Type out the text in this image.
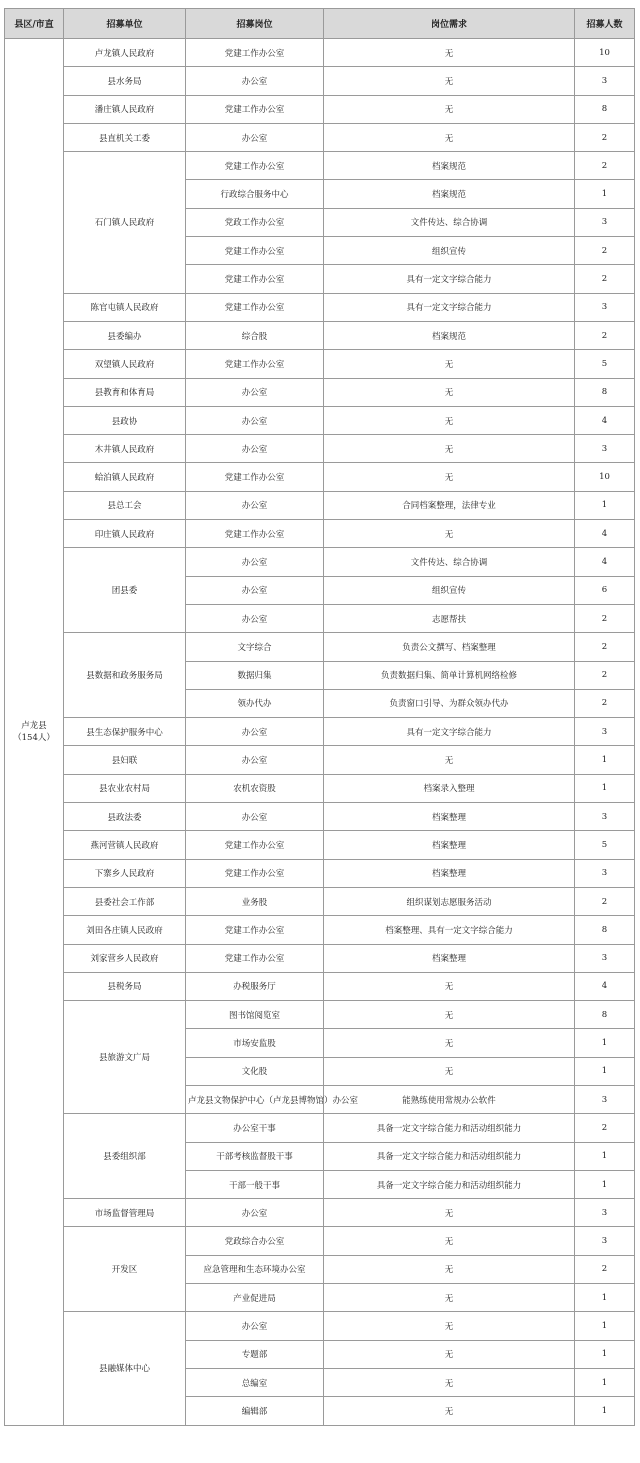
县区/市直	招募单位	招募岗位	岗位需求	招募人数

卢龙县
（154人）	卢龙镇人民政府	党建工作办公室	无	10
	县水务局	办公室	无	3
	潘庄镇人民政府	党建工作办公室	无	8
	县直机关工委	办公室	无	2
	石门镇人民政府	党建工作办公室	档案规范	2
		行政综合服务中心	档案规范	1
		党政工作办公室	文件传达、综合协调	3
		党建工作办公室	组织宣传	2
		党建工作办公室	具有一定文字综合能力	2
	陈官屯镇人民政府	党建工作办公室	具有一定文字综合能力	3
	县委编办	综合股	档案规范	2
	双望镇人民政府	党建工作办公室	无	5
	县教育和体育局	办公室	无	8
	县政协	办公室	无	4
	木井镇人民政府	办公室	无	3
	蛤泊镇人民政府	党建工作办公室	无	10
	县总工会	办公室	合同档案整理，法律专业	1
	印庄镇人民政府	党建工作办公室	无	4
	团县委	办公室	文件传达、综合协调	4
		办公室	组织宣传	6
		办公室	志愿帮扶	2
	县数据和政务服务局	文字综合	负责公文撰写、档案整理	2
		数据归集	负责数据归集、简单计算机网络检修	2
		领办代办	负责窗口引导、为群众领办代办	2
	县生态保护服务中心	办公室	具有一定文字综合能力	3
	县妇联	办公室	无	1
	县农业农村局	农机农资股	档案录入整理	1
	县政法委	办公室	档案整理	3
	燕河营镇人民政府	党建工作办公室	档案整理	5
	下寨乡人民政府	党建工作办公室	档案整理	3
	县委社会工作部	业务股	组织谋划志愿服务活动	2
	刘田各庄镇人民政府	党建工作办公室	档案整理、具有一定文字综合能力	8
	刘家营乡人民政府	党建工作办公室	档案整理	3
	县税务局	办税服务厅	无	4
	县旅游文广局	图书馆阅览室	无	8
		市场安监股	无	1
		文化股	无	1
		卢龙县文物保护中心（卢龙县博物馆）办公室	能熟练使用常规办公软件	3
	县委组织部	办公室干事	具备一定文字综合能力和活动组织能力	2
		干部考核监督股干事	具备一定文字综合能力和活动组织能力	1
		干部一般干事	具备一定文字综合能力和活动组织能力	1
	市场监督管理局	办公室	无	3
	开发区	党政综合办公室	无	3
		应急管理和生态环境办公室	无	2
		产业促进局	无	1
	县融媒体中心	办公室	无	1
		专题部	无	1
		总编室	无	1
		编辑部	无	1
